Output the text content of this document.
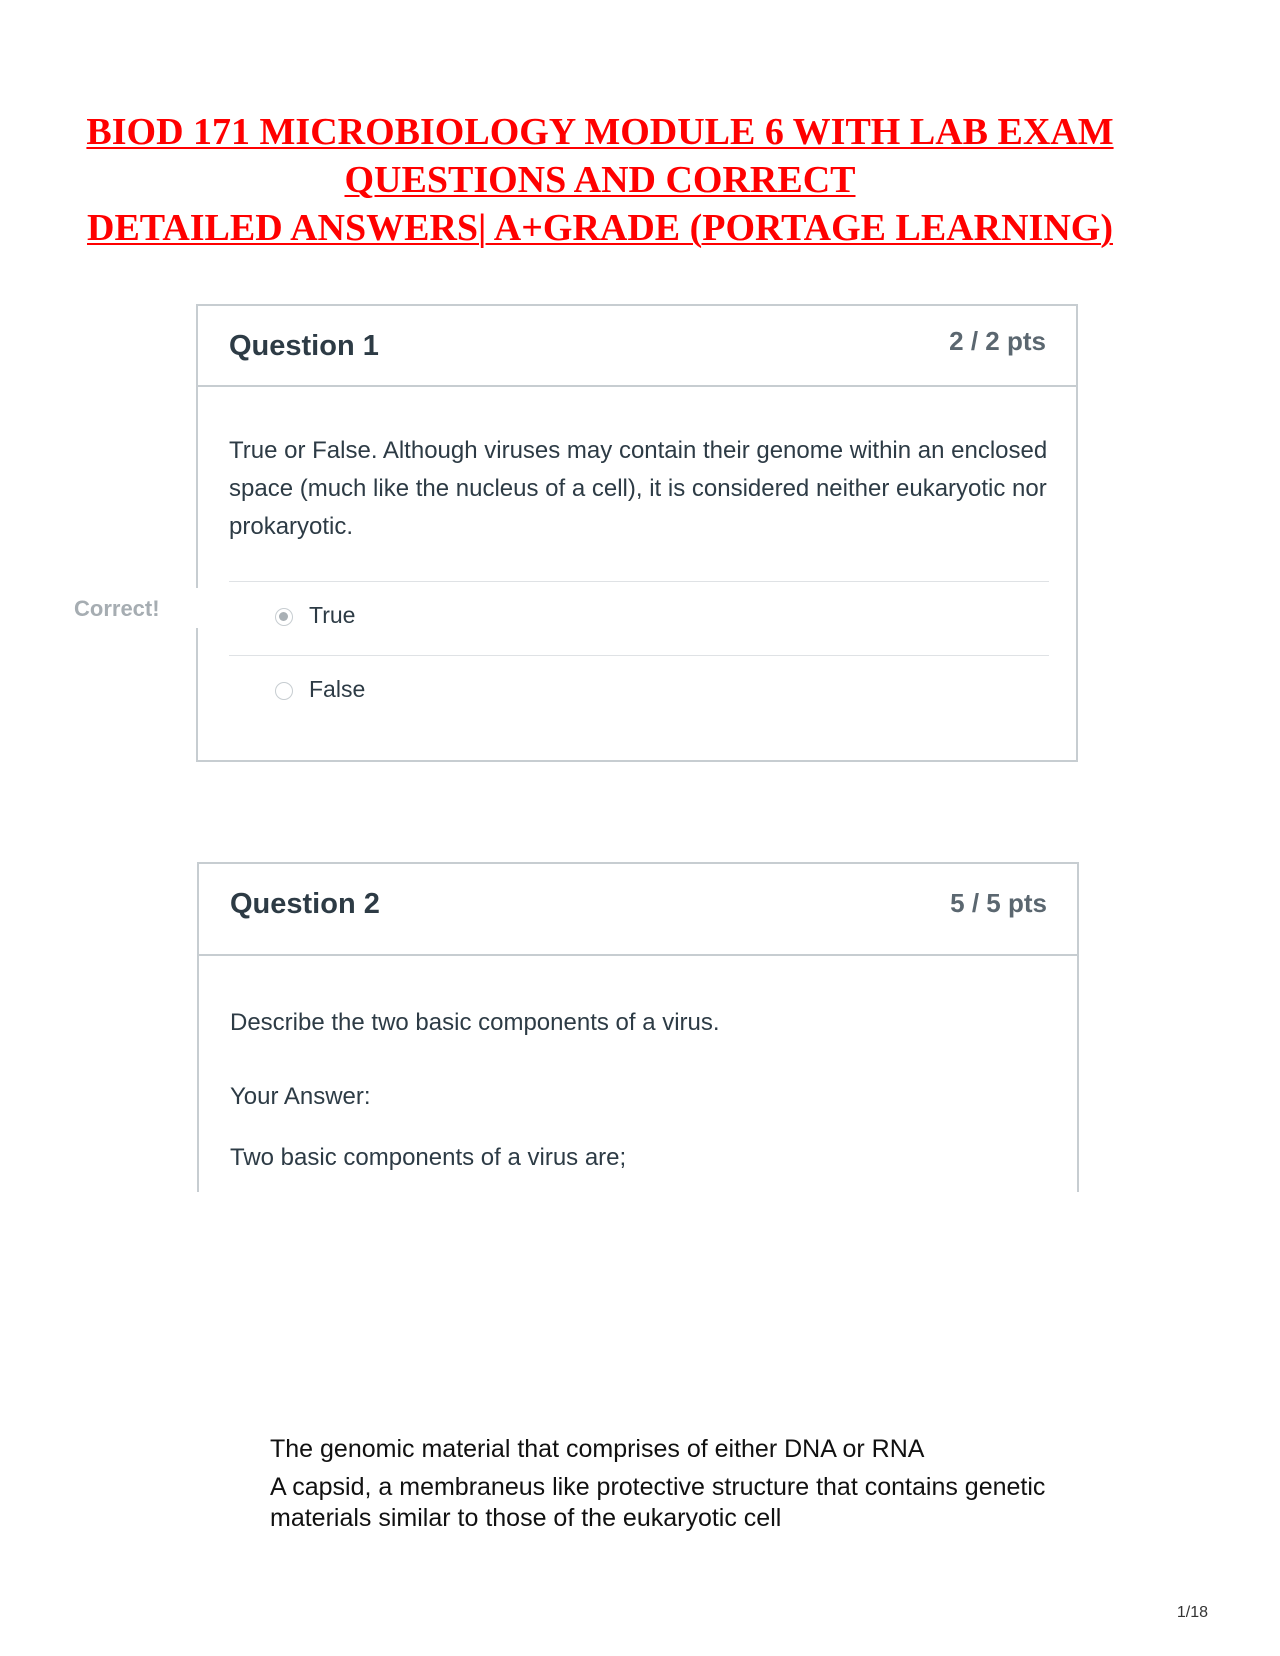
BIOD 171 MICROBIOLOGY MODULE 6 WITH LAB EXAM
QUESTIONS AND CORRECT
DETAILED ANSWERS| A+GRADE (PORTAGE LEARNING)
Question 1	2 / 2 pts
True or False. Although viruses may contain their genome within an enclosed space (much like the nucleus of a cell), it is considered neither eukaryotic nor prokaryotic.
True
False
Correct!
Question 2	5 / 5 pts
Describe the two basic components of a virus.
Your Answer:
Two basic components of a virus are;
The genomic material that comprises of either DNA or RNA
A capsid, a membraneus like protective structure that contains genetic materials similar to those of the eukaryotic cell
1/18
